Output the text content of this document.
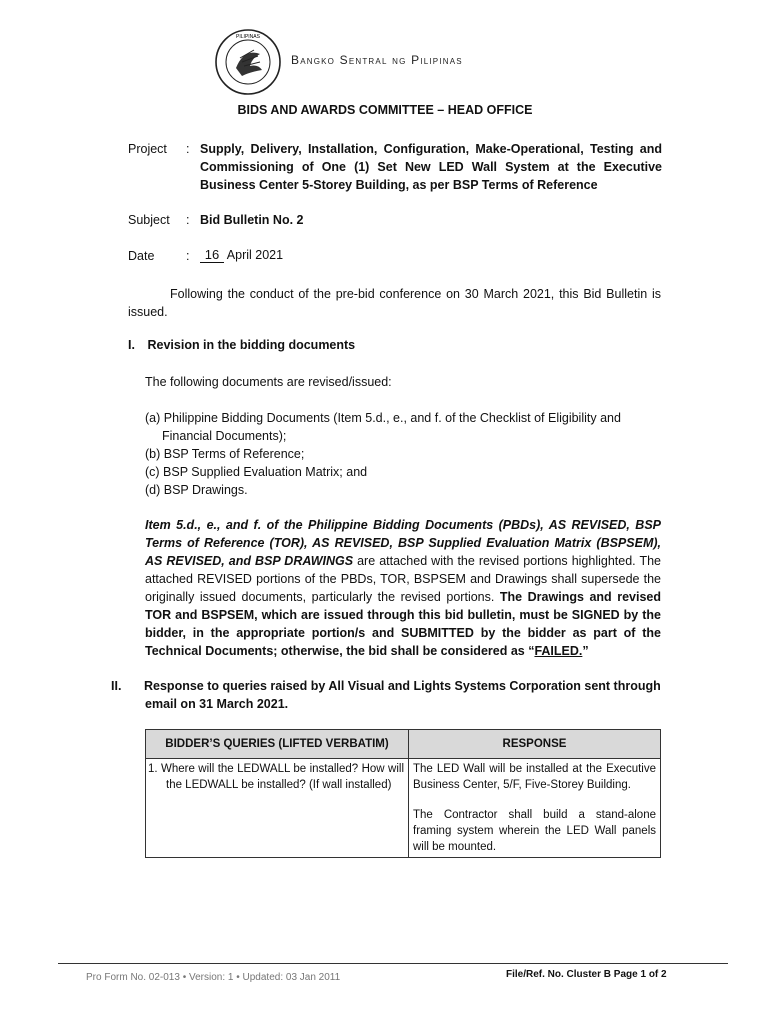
PILIPINAS
Bangko Sentral ng Pilipinas
BIDS AND AWARDS COMMITTEE – HEAD OFFICE
Project : Supply, Delivery, Installation, Configuration, Make-Operational, Testing and Commissioning of One (1) Set New LED Wall System at the Executive Business Center 5-Storey Building, as per BSP Terms of Reference
Subject : Bid Bulletin No. 2
Date	:	16 April 2021
Following the conduct of the pre-bid conference on 30 March 2021, this Bid Bulletin is issued.
I. Revision in the bidding documents
The following documents are revised/issued:
(a) Philippine Bidding Documents (Item 5.d., e., and f. of the Checklist of Eligibility and Financial Documents);
(b) BSP Terms of Reference;
(c) BSP Supplied Evaluation Matrix; and
(d) BSP Drawings.
Item 5.d., e., and f. of the Philippine Bidding Documents (PBDs), AS REVISED, BSP Terms of Reference (TOR), AS REVISED, BSP Supplied Evaluation Matrix (BSPSEM), AS REVISED, and BSP DRAWINGS are attached with the revised portions highlighted. The attached REVISED portions of the PBDs, TOR, BSPSEM and Drawings shall supersede the originally issued documents, particularly the revised portions. The Drawings and revised TOR and BSPSEM, which are issued through this bid bulletin, must be SIGNED by the bidder, in the appropriate portion/s and SUBMITTED by the bidder as part of the Technical Documents; otherwise, the bid shall be considered as “FAILED.”
II. Response to queries raised by All Visual and Lights Systems Corporation sent through email on 31 March 2021.
BIDDER’S QUERIES (LIFTED VERBATIM)	RESPONSE
1. Where will the LEDWALL be installed? How will the LEDWALL be installed? (If wall installed)	The LED Wall will be installed at the Executive Business Center, 5/F, Five-Storey Building.
The Contractor shall build a stand-alone framing system wherein the LED Wall panels will be mounted.
Pro Form No. 02-013 • Version: 1 • Updated: 03 Jan 2011	File/Ref. No. Cluster B Page 1 of 2
